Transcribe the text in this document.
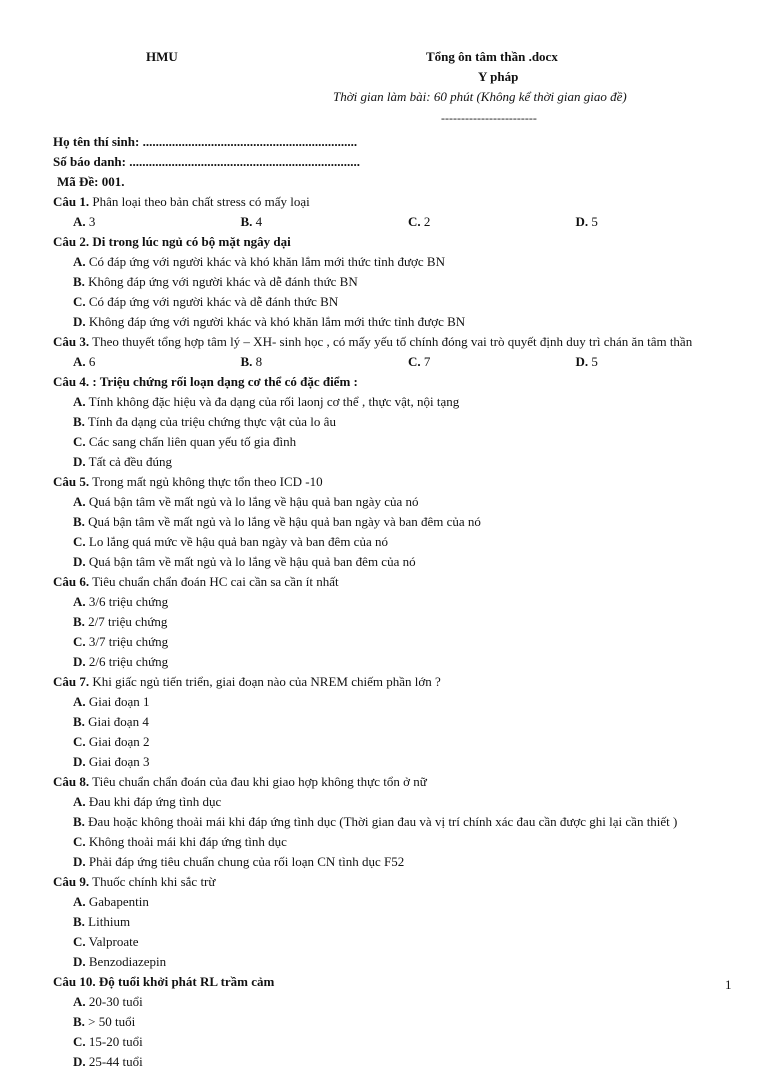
HMU	Tổng ôn tâm thần .docx
Y pháp
Thời gian làm bài: 60 phút (Không kể thời gian giao đề)
------------------------
Họ tên thí sinh: ..................................................................
Số báo danh: .......................................................................
Mã Đề: 001.
Câu 1. Phân loại theo bản chất stress có mấy loại
A. 3	B. 4	C. 2	D. 5
Câu 2. Di trong lúc ngủ có bộ mặt ngây dại
A. Có đáp ứng với người khác và khó khăn lắm mới thức tỉnh được BN
B. Không đáp ứng với người khác và dễ đánh thức BN
C. Có đáp ứng với người khác và dễ đánh thức BN
D. Không đáp ứng với người khác và khó khăn lắm mới thức tỉnh được BN
Câu 3. Theo thuyết tổng hợp tâm lý – XH- sinh học , có mấy yếu tố chính đóng vai trò quyết định duy trì chán ăn tâm thần
A. 6	B. 8	C. 7	D. 5
Câu 4. : Triệu chứng rối loạn dạng cơ thể có đặc điểm :
A. Tính không đặc hiệu và đa dạng của rối laonj cơ thể , thực vật, nội tạng
B. Tính đa dạng của triệu chứng thực vật của lo âu
C. Các sang chấn liên quan yếu tố gia đình
D. Tất cả đều đúng
Câu 5. Trong mất ngủ không thực tổn theo ICD -10
A. Quá bận tâm về mất ngủ và lo lắng về hậu quả ban ngày của nó
B. Quá bận tâm về mất ngủ và lo lắng về hậu quả ban ngày và ban đêm của nó
C. Lo lắng quá mức về hậu quả ban ngày và ban đêm của nó
D. Quá bận tâm về mất ngủ và lo lắng về hậu quả ban đêm của nó
Câu 6. Tiêu chuẩn chẩn đoán HC cai cần sa cần ít nhất
A. 3/6 triệu chứng
B. 2/7 triệu chứng
C. 3/7 triệu chứng
D. 2/6 triệu chứng
Câu 7. Khi giấc ngủ tiến triển, giai đoạn nào của NREM chiếm phần lớn ?
A. Giai đoạn 1
B. Giai đoạn 4
C. Giai đoạn 2
D. Giai đoạn 3
Câu 8. Tiêu chuẩn chẩn đoán của đau khi giao hợp không thực tổn ở nữ
A. Đau khi đáp ứng tình dục
B. Đau hoặc không thoải mái khi đáp ứng tình dục (Thời gian đau và vị trí chính xác đau cần được ghi lại cần thiết )
C. Không thoải mái khi đáp ứng tình dục
D. Phải đáp ứng tiêu chuẩn chung của rối loạn CN tình dục F52
Câu 9. Thuốc chính khi sắc trừ
A. Gabapentin
B. Lithium
C. Valproate
D. Benzodiazepin
Câu 10. Độ tuổi khởi phát RL trầm cảm
A. 20-30 tuổi
B. > 50 tuổi
C. 15-20 tuổi
D. 25-44 tuổi
1
